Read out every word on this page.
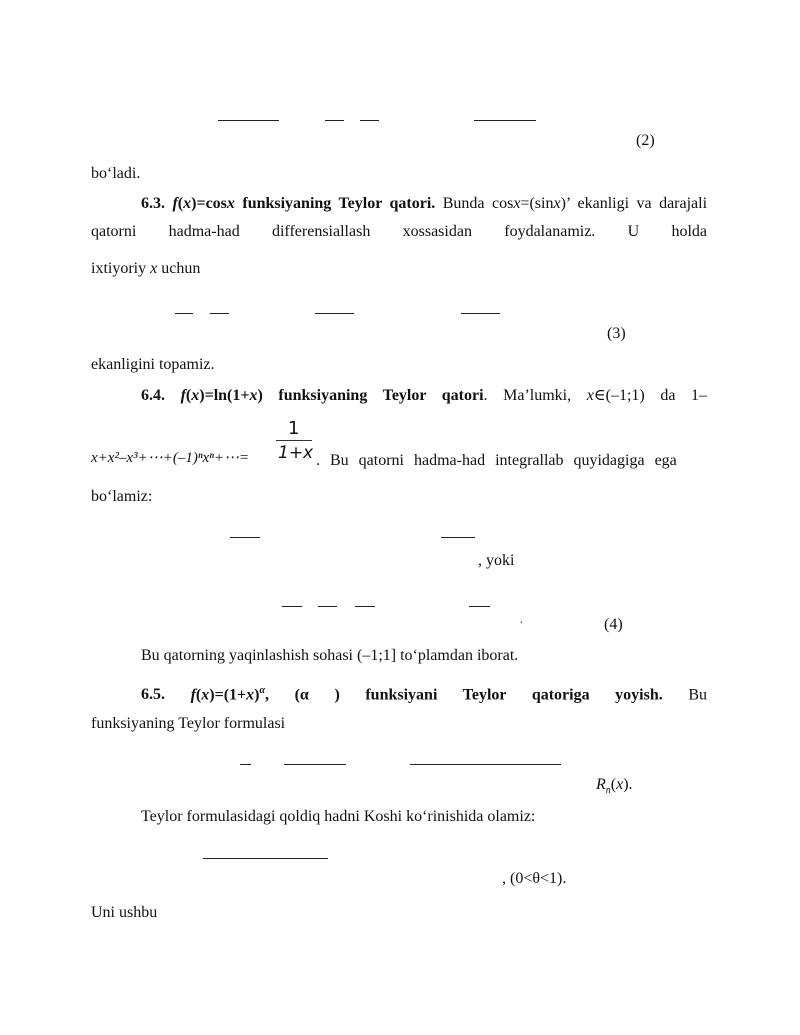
(2)
bo‘ladi.
6.3. f(x)=cosx funksiyaning Teylor qatori. Bunda cosx=(sinx)’ ekanligi va darajali qatorni hadma-had differensiallash xossasidan foydalanamiz. U holda
ixtiyoriy x uchun
(3)
ekanligini topamiz.
6.4. f(x)=ln(1+x) funksiyaning Teylor qatori. Ma’lumki, x∈(–1;1) da 1–
x+x²–x³+⋯+(–1)ⁿxⁿ+⋯=
1
1+x . Bu qatorni hadma-had integrallab quyidagiga ega
bo‘lamiz:
, yoki
.	(4)
Bu qatorning yaqinlashish sohasi (–1;1] to‘plamdan iborat.
6.5. $f(x)=(1+x)^\alpha$, (α ) funksiyani Teylor qatoriga yoyish. Bu
funksiyaning Teylor formulasi
$R_n(x)$.
Teylor formulasidagi qoldiq hadni Koshi ko‘rinishida olamiz:
, (0<θ<1).
Uni ushbu
